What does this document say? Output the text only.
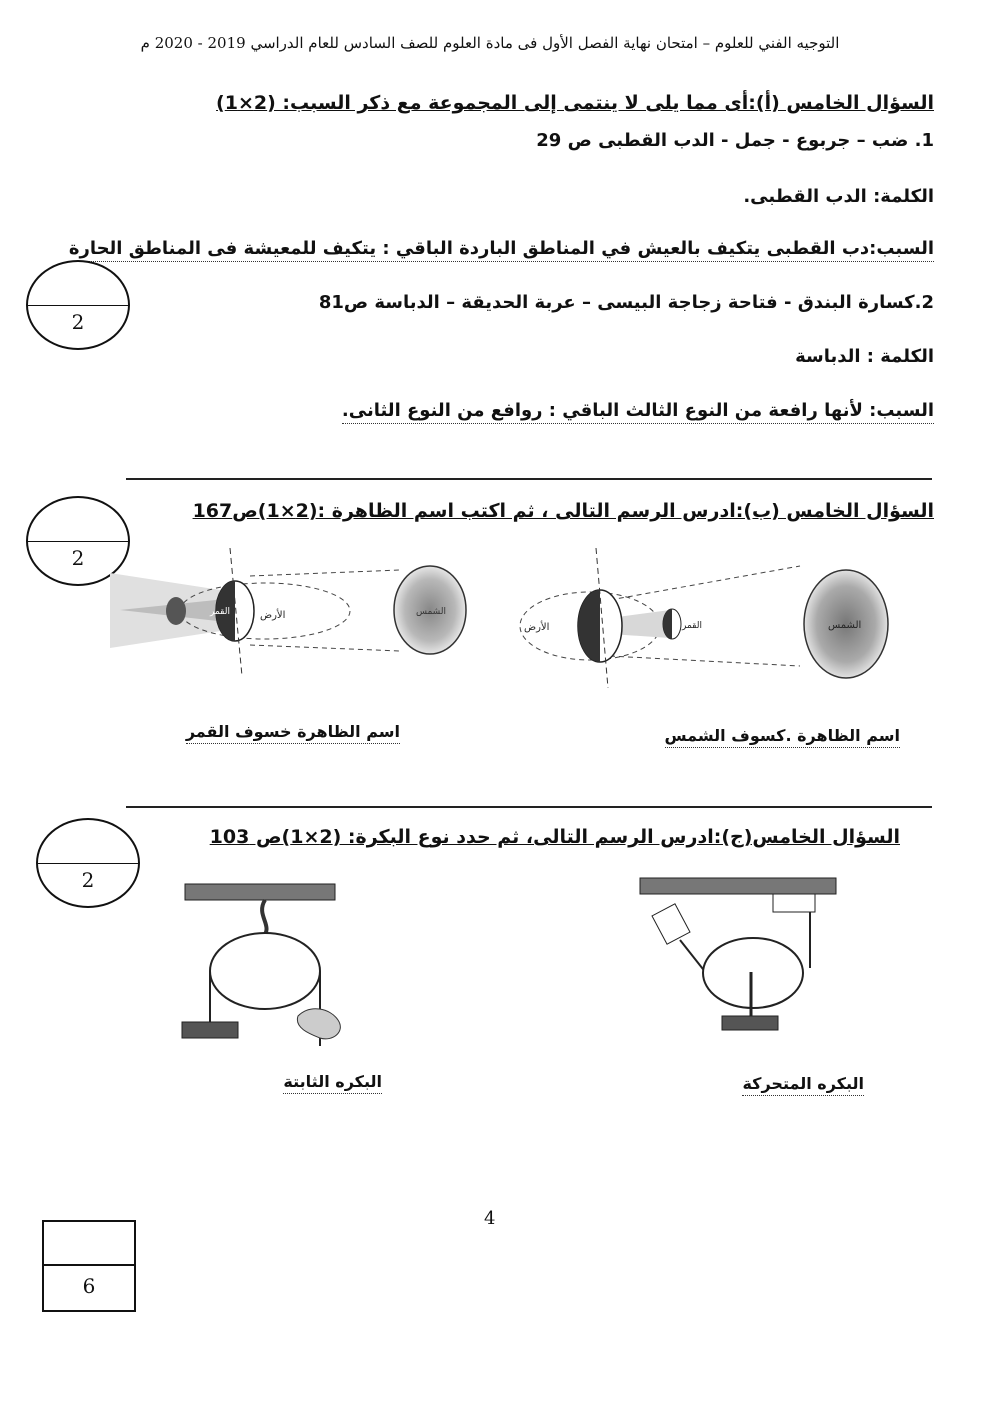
التوجيه الفني للعلوم – امتحان نهاية الفصل الأول فى مادة العلوم للصف السادس للعام الدراسي 2019 - 2020 م
السؤال الخامس (أ):أى مما يلى لا ينتمى إلى المجموعة مع ذكر السبب: (2×1)
1. ضب – جربوع - جمل - الدب القطبى ص 29
الكلمة: الدب القطبى.
السبب:دب القطبى يتكيف بالعيش في المناطق الباردة الباقي : يتكيف للمعيشة فى المناطق الحارة
2.كسارة البندق - فتاحة زجاجة البيسى – عربة الحديقة – الدباسة ص81
الكلمة : الدباسة
السبب: لأنها رافعة من النوع الثالث الباقي : روافع من النوع الثانى.
2
السؤال الخامس (ب):ادرس الرسم التالى ، ثم اكتب اسم الظاهرة :(2×1)ص167
2
القمر	الأرض	الشمس
الأرض	القمر	الشمس
اسم الظاهرة خسوف القمر	اسم الظاهرة .كسوف الشمس
السؤال الخامس(ج):ادرس الرسم التالى، ثم حدد نوع البكرة: (2×1)ص 103
2
البكره الثابتة	البكره المتحركة
4
6
